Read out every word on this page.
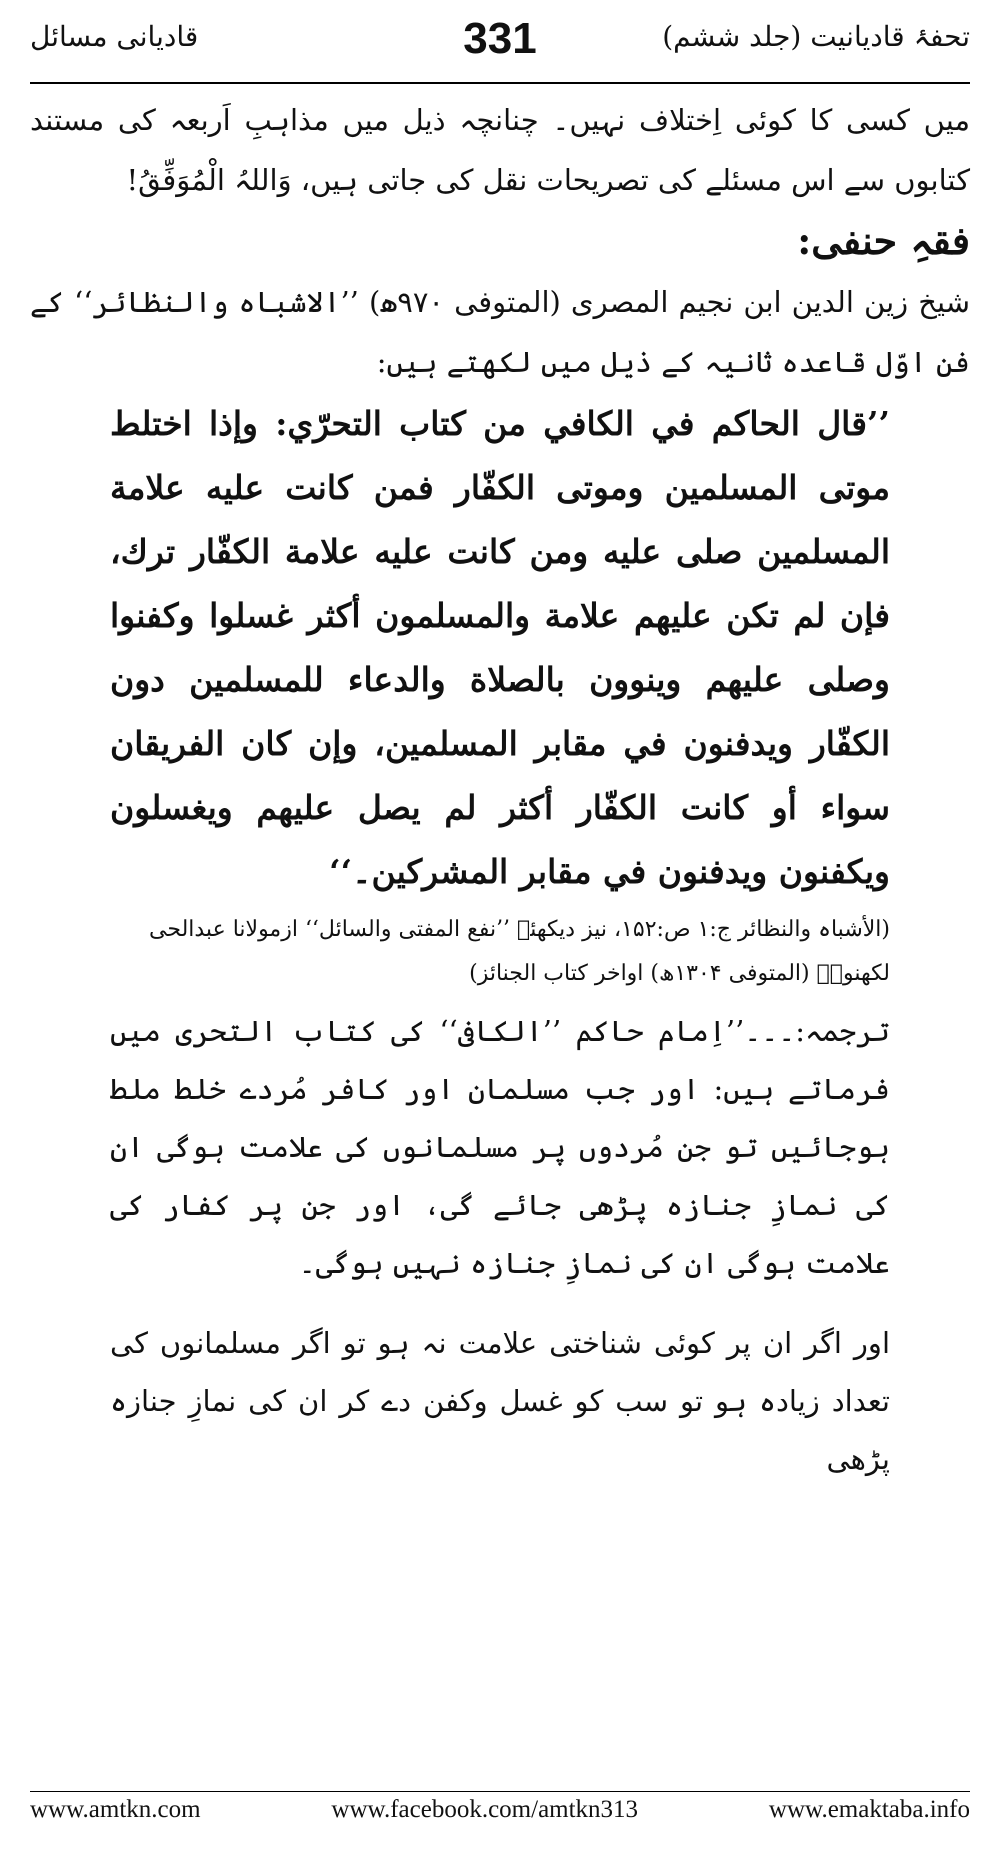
تحفۂ قادیانیت (جلد ششم)
331
قادیانی مسائل

میں کسی کا کوئی اِختلاف نہیں۔ چنانچہ ذیل میں مذاہبِ اَربعہ کی مستند کتابوں سے اس مسئلے کی تصریحات نقل کی جاتی ہیں، وَاللہُ الْمُوَفِّقُ!

فقہِ حنفی:

شیخ زین الدین ابن نجیم المصری (المتوفی ۹۷۰ھ) ’’الاشباہ والنظائر‘‘ کے فن اوّل قاعدہ ثانیہ کے ذیل میں لکھتے ہیں:

’’قال الحاكم في الكافي من كتاب التحرّي: وإذا اختلط موتى المسلمين وموتى الكفّار فمن كانت عليه علامة المسلمين صلى عليه ومن كانت عليه علامة الكفّار ترك، فإن لم تكن عليهم علامة والمسلمون أكثر غسلوا وكفنوا وصلى عليهم وينوون بالصلاة والدعاء للمسلمين دون الكفّار ويدفنون في مقابر المسلمين، وإن كان الفريقان سواء أو كانت الكفّار أكثر لم يصل عليهم ويغسلون ويكفنون ويدفنون في مقابر المشركين۔‘‘

(الأشباہ والنظائر ج:۱ ص:۱۵۲، نیز دیکھئے ’’نفع المفتی والسائل‘‘ ازمولانا عبدالحی لکھنویؒ (المتوفی ۱۳۰۴ھ) اواخر کتاب الجنائز)

ترجمہ:۔۔۔’’اِمام حاکم ’’الکافی‘‘ کی کتاب التحری میں فرماتے ہیں: اور جب مسلمان اور کافر مُردے خلط ملط ہوجائیں تو جن مُردوں پر مسلمانوں کی علامت ہوگی ان کی نمازِ جنازہ پڑھی جائے گی، اور جن پر کفار کی علامت ہوگی ان کی نمازِ جنازہ نہیں ہوگی۔

اور اگر ان پر کوئی شناختی علامت نہ ہو تو اگر مسلمانوں کی تعداد زیادہ ہو تو سب کو غسل وکفن دے کر ان کی نمازِ جنازہ پڑھی

www.amtkn.com	www.facebook.com/amtkn313	www.emaktaba.info
